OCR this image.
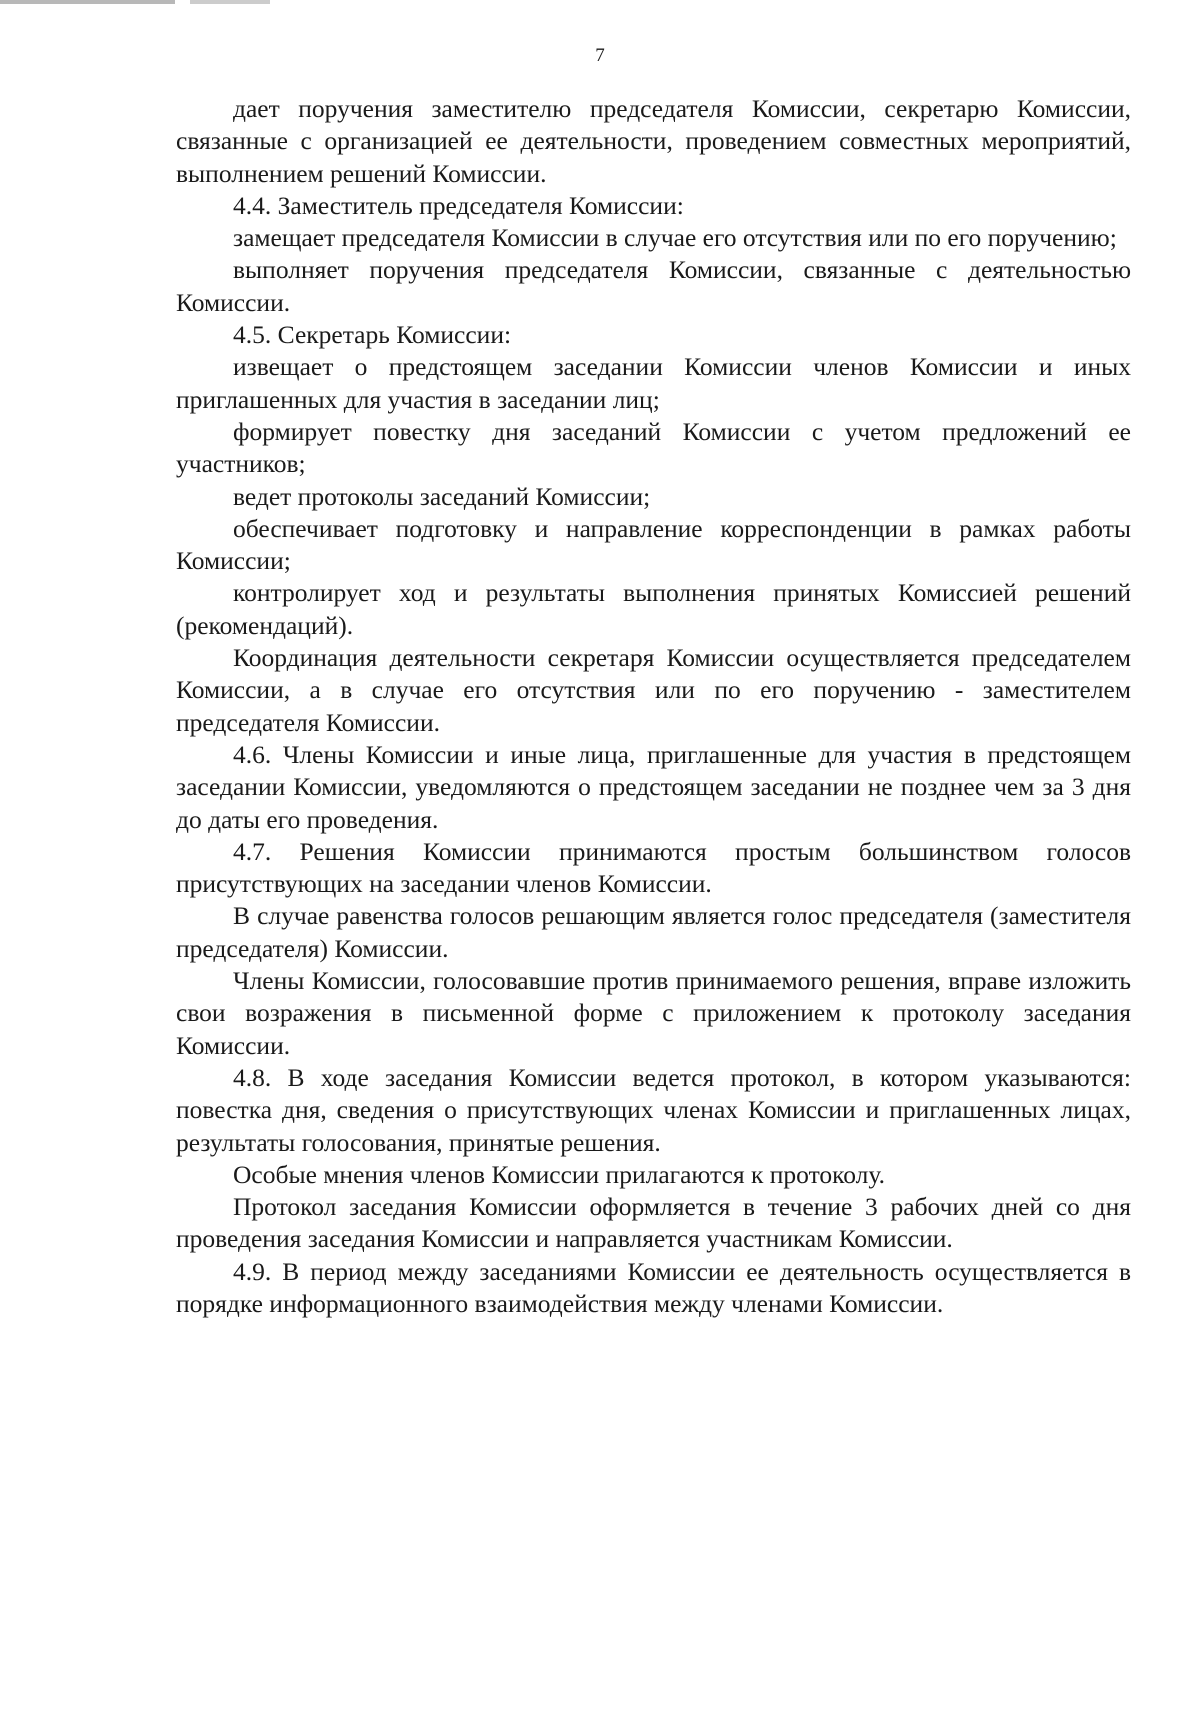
7

дает поручения заместителю председателя Комиссии, секретарю Комиссии, связанные с организацией ее деятельности, проведением совместных мероприятий, выполнением решений Комиссии.

4.4. Заместитель председателя Комиссии:

замещает председателя Комиссии в случае его отсутствия или по его поручению;

выполняет поручения председателя Комиссии, связанные с деятельностью Комиссии.

4.5. Секретарь Комиссии:

извещает о предстоящем заседании Комиссии членов Комиссии и иных приглашенных для участия в заседании лиц;

формирует повестку дня заседаний Комиссии с учетом предложений ее участников;

ведет протоколы заседаний Комиссии;

обеспечивает подготовку и направление корреспонденции в рамках работы Комиссии;

контролирует ход и результаты выполнения принятых Комиссией решений (рекомендаций).

Координация деятельности секретаря Комиссии осуществляется председателем Комиссии, а в случае его отсутствия или по его поручению - заместителем председателя Комиссии.

4.6. Члены Комиссии и иные лица, приглашенные для участия в предстоящем заседании Комиссии, уведомляются о предстоящем заседании не позднее чем за 3 дня до даты его проведения.

4.7. Решения Комиссии принимаются простым большинством голосов присутствующих на заседании членов Комиссии.

В случае равенства голосов решающим является голос председателя (заместителя председателя) Комиссии.

Члены Комиссии, голосовавшие против принимаемого решения, вправе изложить свои возражения в письменной форме с приложением к протоколу заседания Комиссии.

4.8. В ходе заседания Комиссии ведется протокол, в котором указываются: повестка дня, сведения о присутствующих членах Комиссии и приглашенных лицах, результаты голосования, принятые решения.

Особые мнения членов Комиссии прилагаются к протоколу.

Протокол заседания Комиссии оформляется в течение 3 рабочих дней со дня проведения заседания Комиссии и направляется участникам Комиссии.

4.9. В период между заседаниями Комиссии ее деятельность осуществляется в порядке информационного взаимодействия между членами Комиссии.
